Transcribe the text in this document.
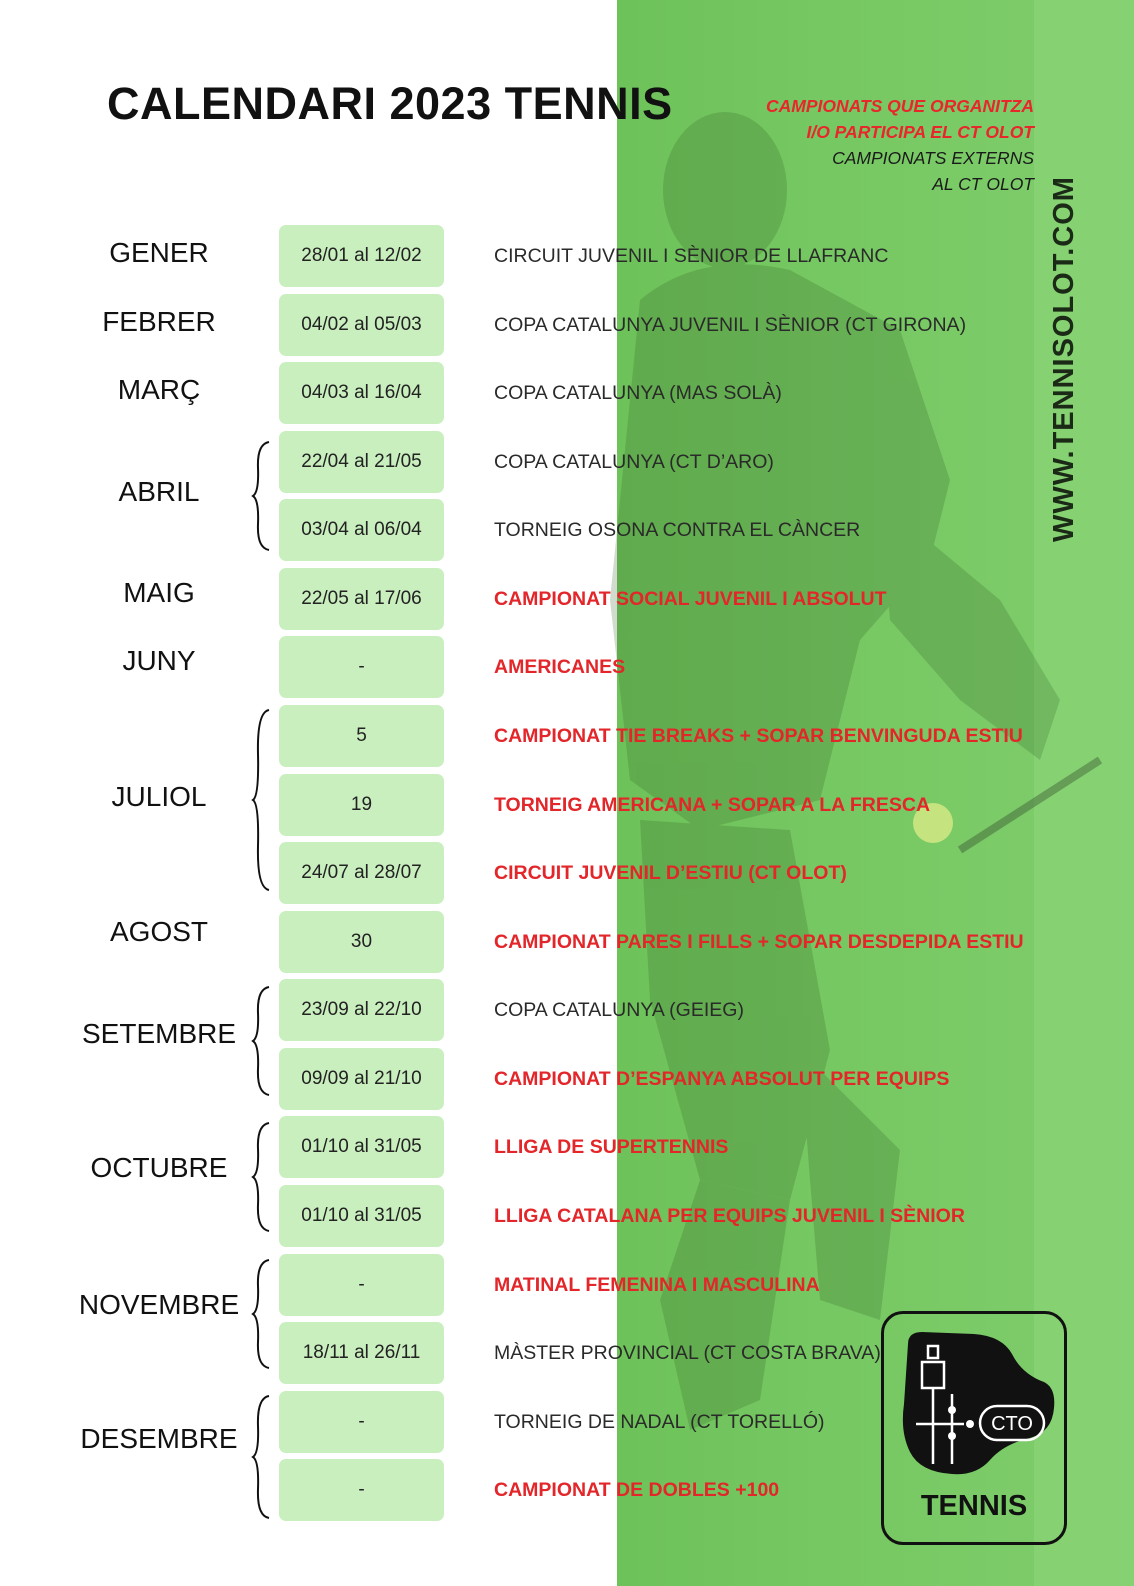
CALENDARI 2023 TENNIS	CAMPIONATS QUE ORGANITZA
I/O PARTICIPA EL CT OLOT
CAMPIONATS EXTERNS
AL CT OLOT WWW.TENNISOLOT.COM
GENER
FEBRER
MARÇ
ABRIL
MAIG
JUNY
JULIOL
AGOST
SETEMBRE
OCTUBRE
NOVEMBRE
DESEMBRE
28/01 al 12/02
04/02 al 05/03
04/03 al 16/04
22/04 al 21/05
03/04 al 06/04
22/05 al 17/06
-
5
19
24/07 al 28/07
30
23/09 al 22/10
09/09 al 21/10
01/10 al 31/05
01/10 al 31/05
-
18/11 al 26/11
-
-
CIRCUIT JUVENIL I SÈNIOR DE LLAFRANC
COPA CATALUNYA JUVENIL I SÈNIOR (CT GIRONA)
COPA CATALUNYA (MAS SOLÀ)
COPA CATALUNYA (CT D’ARO)
TORNEIG OSONA CONTRA EL CÀNCER
CAMPIONAT SOCIAL JUVENIL I ABSOLUT
AMERICANES
CAMPIONAT TIE BREAKS + SOPAR BENVINGUDA ESTIU
TORNEIG AMERICANA + SOPAR A LA FRESCA
CIRCUIT JUVENIL D’ESTIU (CT OLOT)
CAMPIONAT PARES I FILLS + SOPAR DESDEPIDA ESTIU
COPA CATALUNYA (GEIEG)
CAMPIONAT D’ESPANYA ABSOLUT PER EQUIPS
LLIGA DE SUPERTENNIS
LLIGA CATALANA PER EQUIPS JUVENIL I SÈNIOR
MATINAL FEMENINA I MASCULINA
MÀSTER PROVINCIAL (CT COSTA BRAVA)
TORNEIG DE NADAL (CT TORELLÓ)
CAMPIONAT DE DOBLES +100
CTO
TENNIS
